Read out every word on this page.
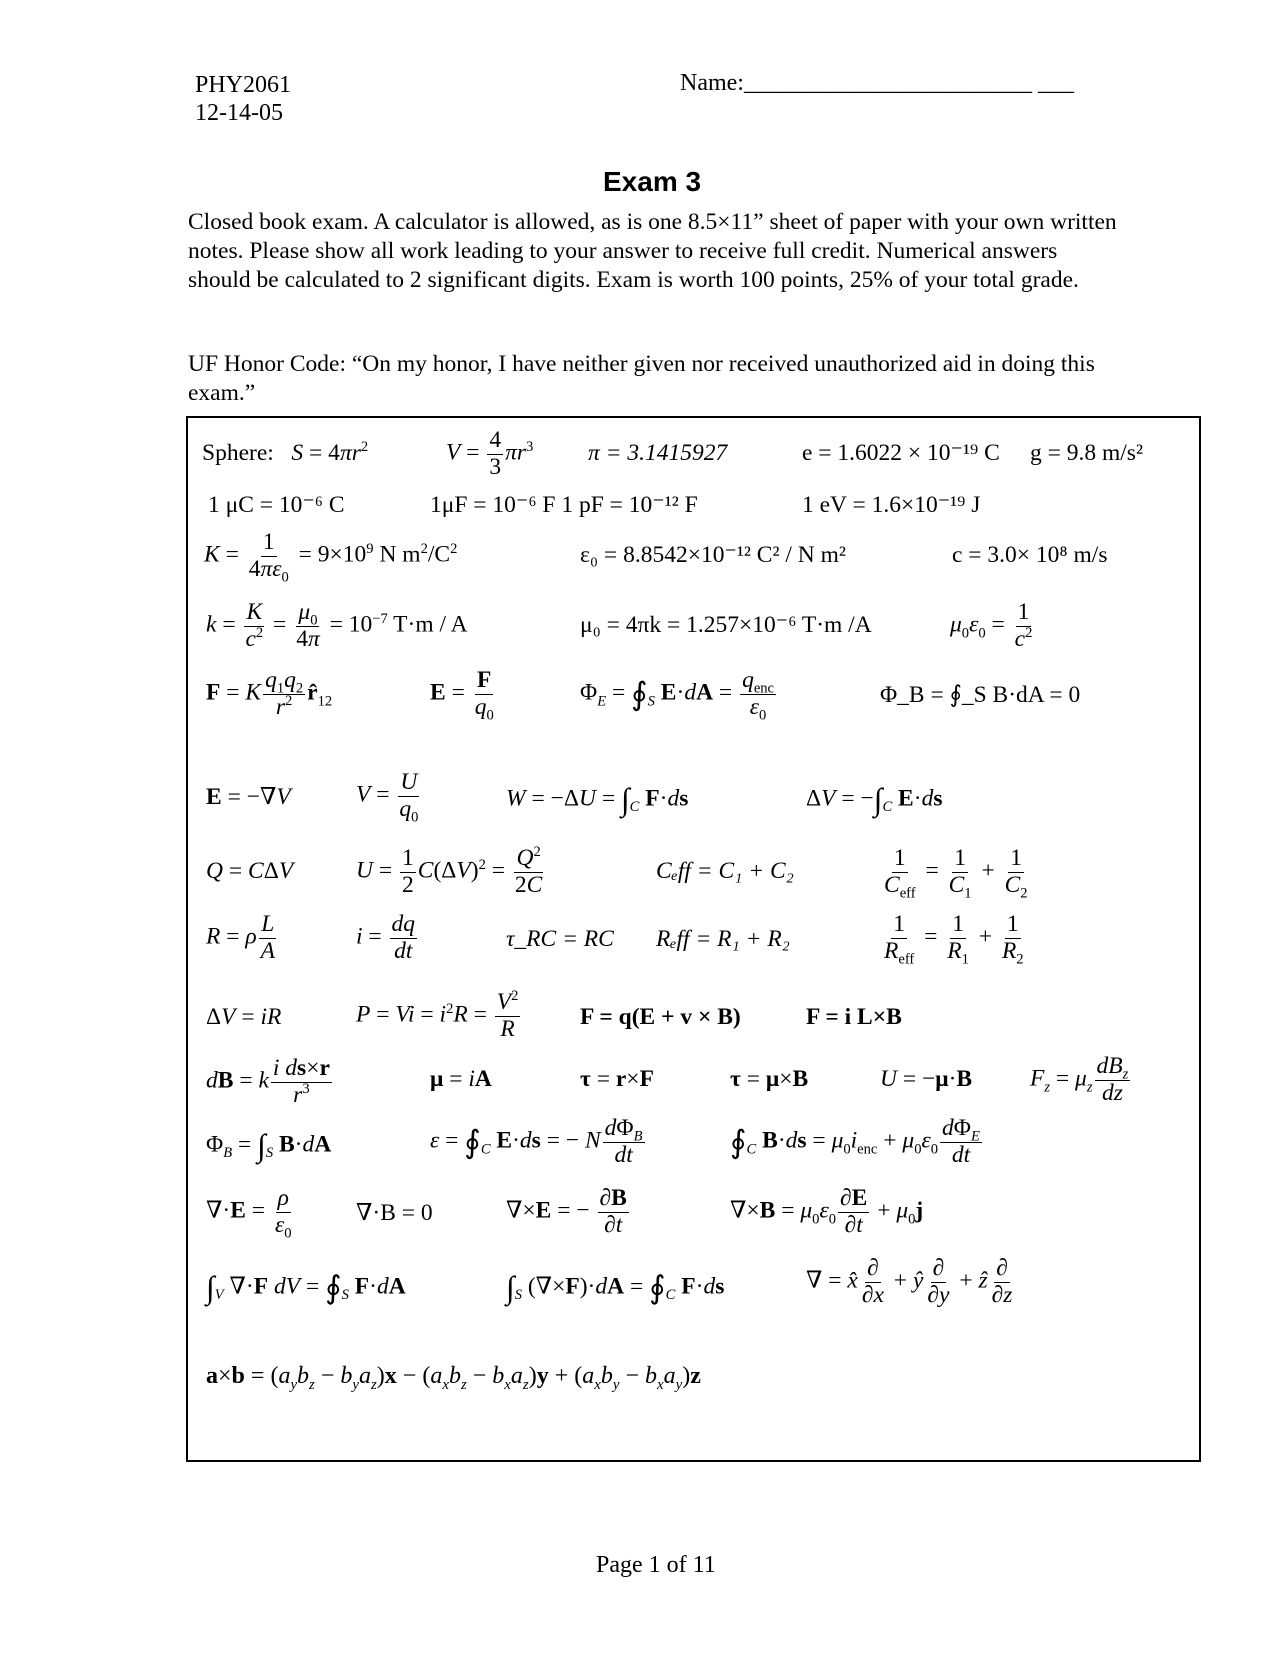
PHY2061
12-14-05
Name:________________________ ___
Exam 3
Closed book exam. A calculator is allowed, as is one 8.5×11” sheet of paper with your own written notes. Please show all work leading to your answer to receive full credit. Numerical answers should be calculated to 2 significant digits. Exam is worth 100 points, 25% of your total grade.
UF Honor Code: “On my honor, I have neither given nor received unauthorized aid in doing this exam.”
Sphere:   $S = 4\pi r^2$	$V = \frac{4}{3} \pi r^3$ π = 3.1415927	e = 1.6022 × 10⁻¹⁹ C g = 9.8 m/s²
1 μC = 10⁻⁶ C	1μF = 10⁻⁶ F 1 pF = 10⁻¹² F	1 eV = 1.6×10⁻¹⁹ J
$K = \frac{1}{4\pi\varepsilon_0} = 9\times 10^9$ N $m^2/C^2$	ε₀ = 8.8542×10⁻¹² C² / N m²	c = 3.0× 10⁸ m/s
$k = \frac{K}{c^2} = \frac{\mu_0}{4\pi} = 10^{-7}$ T·m / A	μ₀ = 4πk = 1.257×10⁻⁶ T·m /A	$\mu_0\varepsilon_0 = \frac{1}{c^2}$
F = K $\frac{q_1q_2}{r^2}$ $r̂_{12}$	$E = \frac{F}{q_0}$	$\Phi_E$ = $∮_S$ $E\cdot dA = \frac{q_{enc}}{\varepsilon_0}$	Φ_B = ∮_S B·dA = 0
E = −∇V	$V = \frac{U}{q_0}$	$W = -\Delta U = \int_C$ F·ds	$\Delta V = -\int_C$ E·ds
Q = CΔV	$U = \frac{1}{2} C(\Delta V)^2 = \frac{Q^2}{2C}$	Cₑff = C₁ + C₂	$\frac{1}{C_{eff}} = \frac{1}{C_1} + \frac{1}{C_2}$
R = ρ $\frac{L}{A}$	$i = \frac{dq}{dt}$	τ_RC = RC Rₑff = R₁ + R₂	$\frac{1}{R_{eff}} = \frac{1}{R_1} + \frac{1}{R_2}$
ΔV = iR	$P = Vi = i^2R = \frac{V^2}{R}$	F = q(E + v × B)	F = i L×B
dB = k $\frac{\text{i ds×r}}{r^3}$	μ = iA	τ = r×F	τ = μ×B	U = −μ·B $F_z = \mu_z \frac{dB_z}{dz}$
$\Phi_B = \int_S$ B·dA	$\varepsilon = ∮_C$ E·ds = − N $\frac{d\Phi_B}{dt}$	$∮_C$ $B\cdot ds = \mu_0i_{enc} + \mu_0\varepsilon_0 \frac{d\Phi_E}{dt}$
$\nabla\cdot E = \frac{\rho}{\varepsilon_0}$	∇·B = 0	∇×E = − $\frac{\partial B}{\partial t}$	$\nabla\times B = \mu_0\varepsilon_0 \frac{\partial E}{\partial t} + \mu_0j$
$\int_V$ ∇·F dV = $∮_S$ F·dA	$\int_S$ $(\nabla\times F)\cdot dA = ∮_C$ F·ds	∇ = x̂ $\frac{\partial}{\partial x}$ + ŷ $\frac{\partial}{\partial y}$ + ẑ $\frac{\partial}{\partial z}$
$a\times b = (a_yb_z - b_ya_z)x - (a_xb_z - b_xa_z)y + (a_xb_y - b_xa_y)z$
Page 1 of 11
